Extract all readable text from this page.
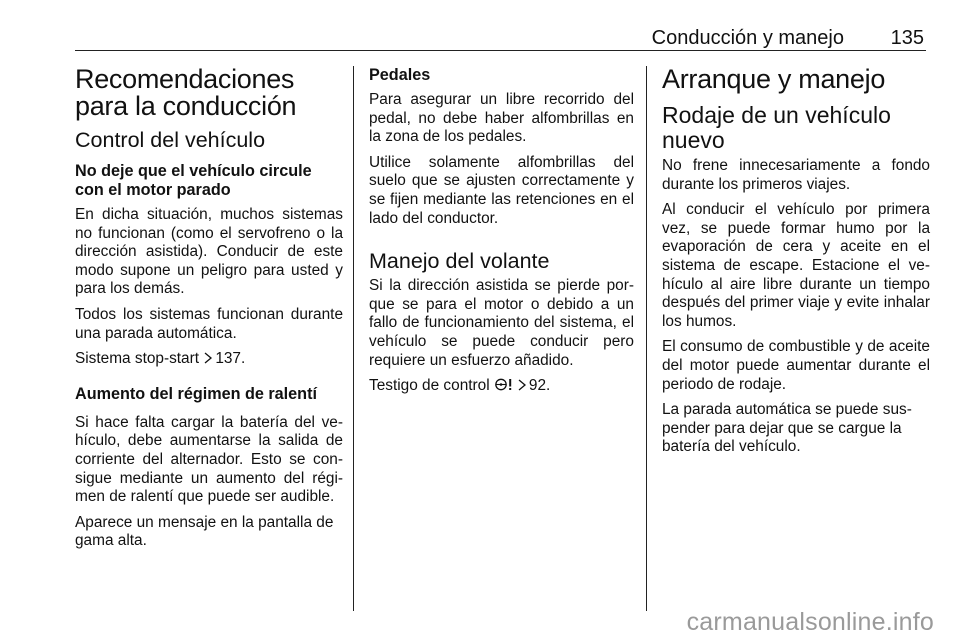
Conducción y manejo 135
Recomendaciones para la conducción
Control del vehículo
No deje que el vehículo circule con el motor parado

En dicha situación, muchos sistemas no funcionan (como el servofreno o la dirección asistida). Conducir de este modo supone un peligro para usted y para los demás.

Todos los sistemas funcionan durante una parada automática.

Sistema stop-start 137.

Aumento del régimen de ralentí

Si hace falta cargar la batería del vehículo, debe aumentarse la salida de corriente del alternador. Esto se consigue mediante un aumento del régimen de ralentí que puede ser audible.

Aparece un mensaje en la pantalla de gama alta.

Pedales

Para asegurar un libre recorrido del pedal, no debe haber alfombrillas en la zona de los pedales.

Utilice solamente alfombrillas del suelo que se ajusten correctamente y se fijen mediante las retenciones en el lado del conductor.

Manejo del volante

Si la dirección asistida se pierde porque se para el motor o debido a un fallo de funcionamiento del sistema, el vehículo se puede conducir pero requiere un esfuerzo añadido.

Testigo de control	92.

Arranque y manejo
Rodaje de un vehículo nuevo

No frene innecesariamente a fondo durante los primeros viajes.

Al conducir el vehículo por primera vez, se puede formar humo por la evaporación de cera y aceite en el sistema de escape. Estacione el vehículo al aire libre durante un tiempo después del primer viaje y evite inhalar los humos.

El consumo de combustible y de aceite del motor puede aumentar durante el periodo de rodaje.

La parada automática se puede suspender para dejar que se cargue la batería del vehículo.

carmanualsonline.info
